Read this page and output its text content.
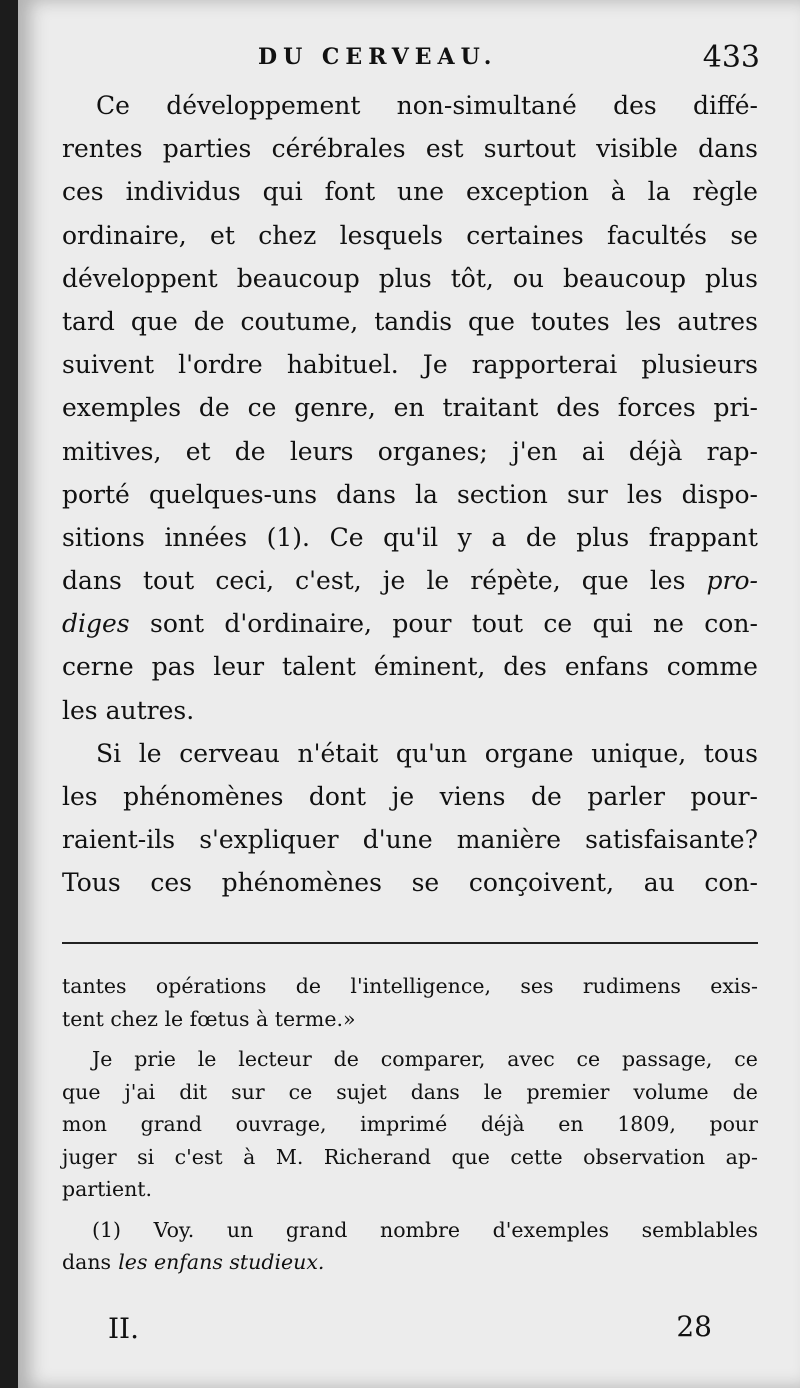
DU CERVEAU.	433
Ce développement non-simultané des diffé-
rentes parties cérébrales est surtout visible dans
ces individus qui font une exception à la règle
ordinaire, et chez lesquels certaines facultés se
développent beaucoup plus tôt, ou beaucoup plus
tard que de coutume, tandis que toutes les autres
suivent l'ordre habituel. Je rapporterai plusieurs
exemples de ce genre, en traitant des forces pri-
mitives, et de leurs organes; j'en ai déjà rap-
porté quelques-uns dans la section sur les dispo-
sitions innées (1). Ce qu'il y a de plus frappant
dans tout ceci, c'est, je le répète, que les pro-
diges sont d'ordinaire, pour tout ce qui ne con-
cerne pas leur talent éminent, des enfans comme
les autres.
Si le cerveau n'était qu'un organe unique, tous
les phénomènes dont je viens de parler pour-
raient-ils s'expliquer d'une manière satisfaisante?
Tous ces phénomènes se conçoivent, au con-
tantes opérations de l'intelligence, ses rudimens exis-
tent chez le fœtus à terme.»
Je prie le lecteur de comparer, avec ce passage, ce
que j'ai dit sur ce sujet dans le premier volume de
mon grand ouvrage, imprimé déjà en 1809, pour
juger si c'est à M. Richerand que cette observation ap-
partient.
(1) Voy. un grand nombre d'exemples semblables
dans les enfans studieux.
II.	28
